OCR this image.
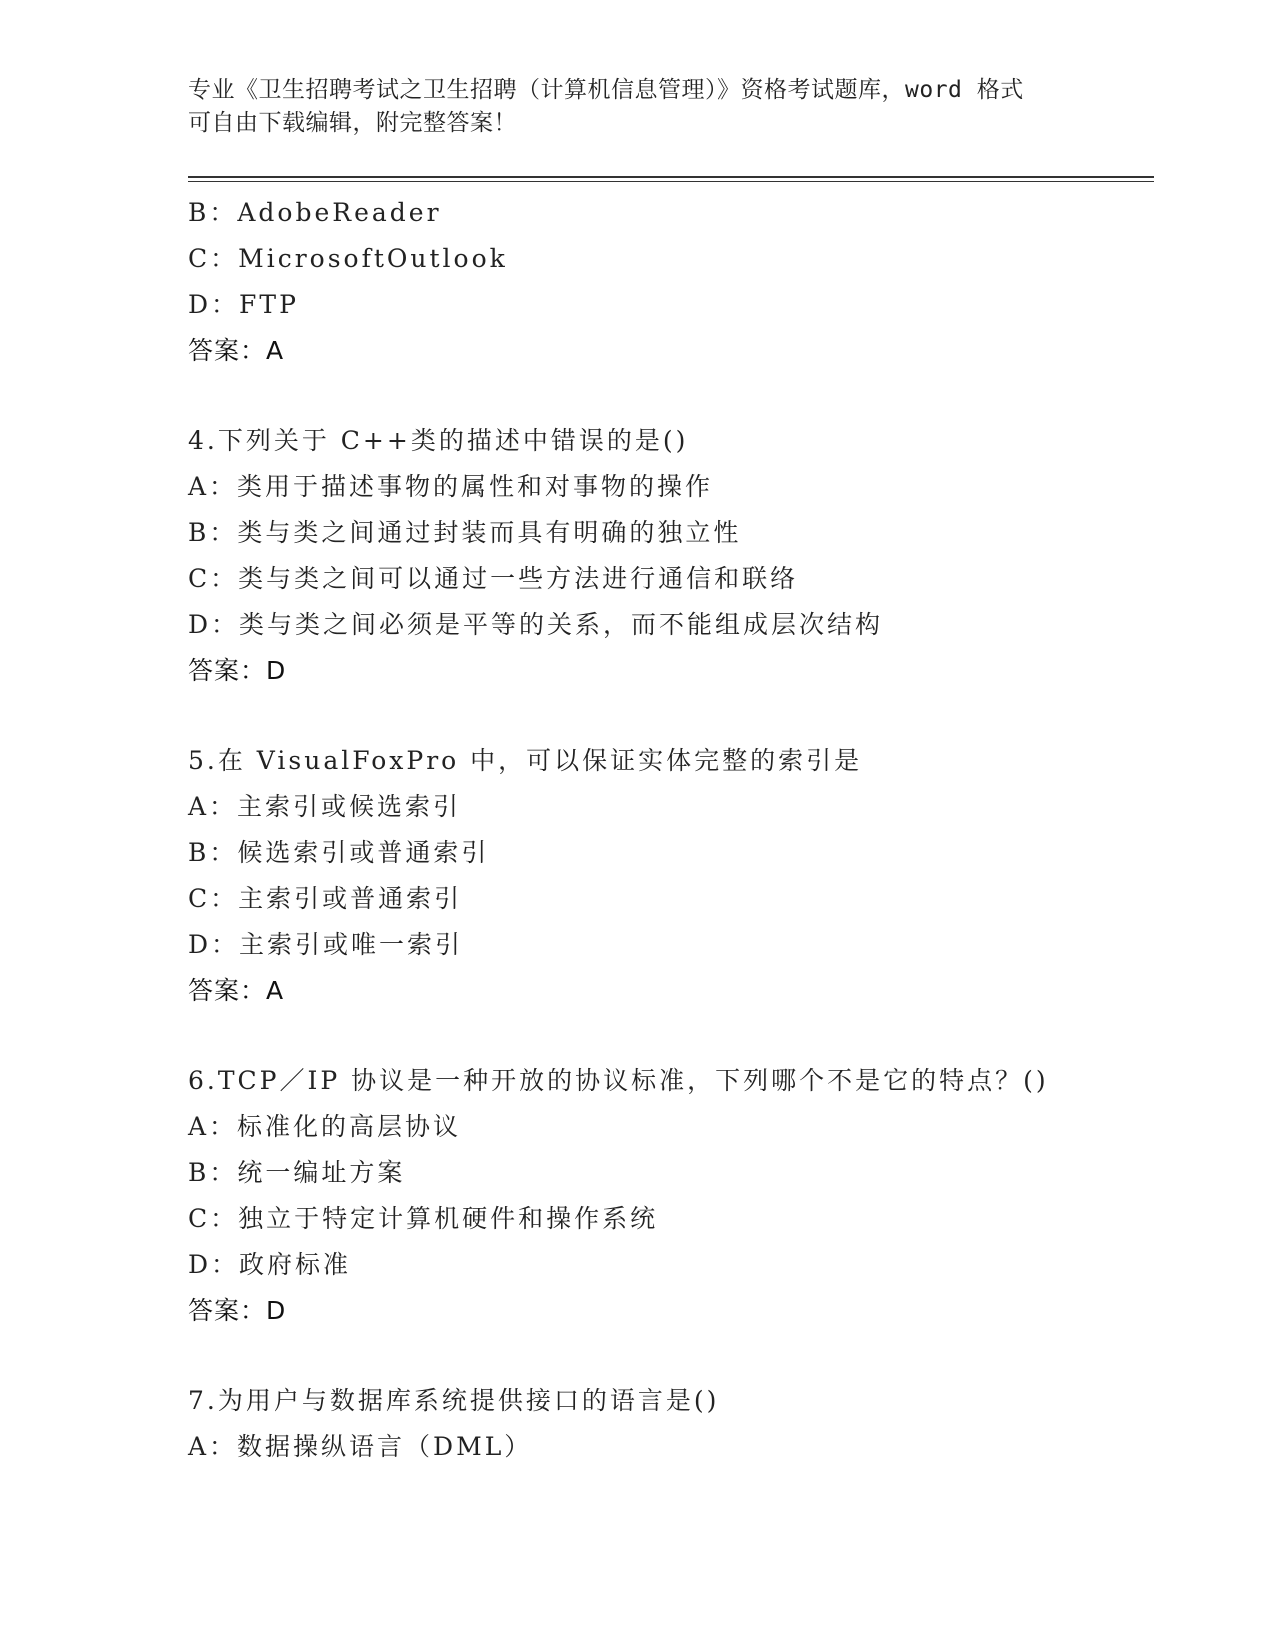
专业《卫生招聘考试之卫生招聘（计算机信息管理）》资格考试题库，word 格式
可自由下载编辑，附完整答案！
B：AdobeReader
C：MicrosoftOutlook
D：FTP
答案：A
4.下列关于 C++类的描述中错误的是()
A：类用于描述事物的属性和对事物的操作
B：类与类之间通过封装而具有明确的独立性
C：类与类之间可以通过一些方法进行通信和联络
D：类与类之间必须是平等的关系，而不能组成层次结构
答案：D
5.在 VisualFoxPro 中，可以保证实体完整的索引是
A：主索引或候选索引
B：候选索引或普通索引
C：主索引或普通索引
D：主索引或唯一索引
答案：A
6.TCP／IP 协议是一种开放的协议标准，下列哪个不是它的特点？()
A：标准化的高层协议
B：统一编址方案
C：独立于特定计算机硬件和操作系统
D：政府标准
答案：D
7.为用户与数据库系统提供接口的语言是()
A：数据操纵语言（DML）
